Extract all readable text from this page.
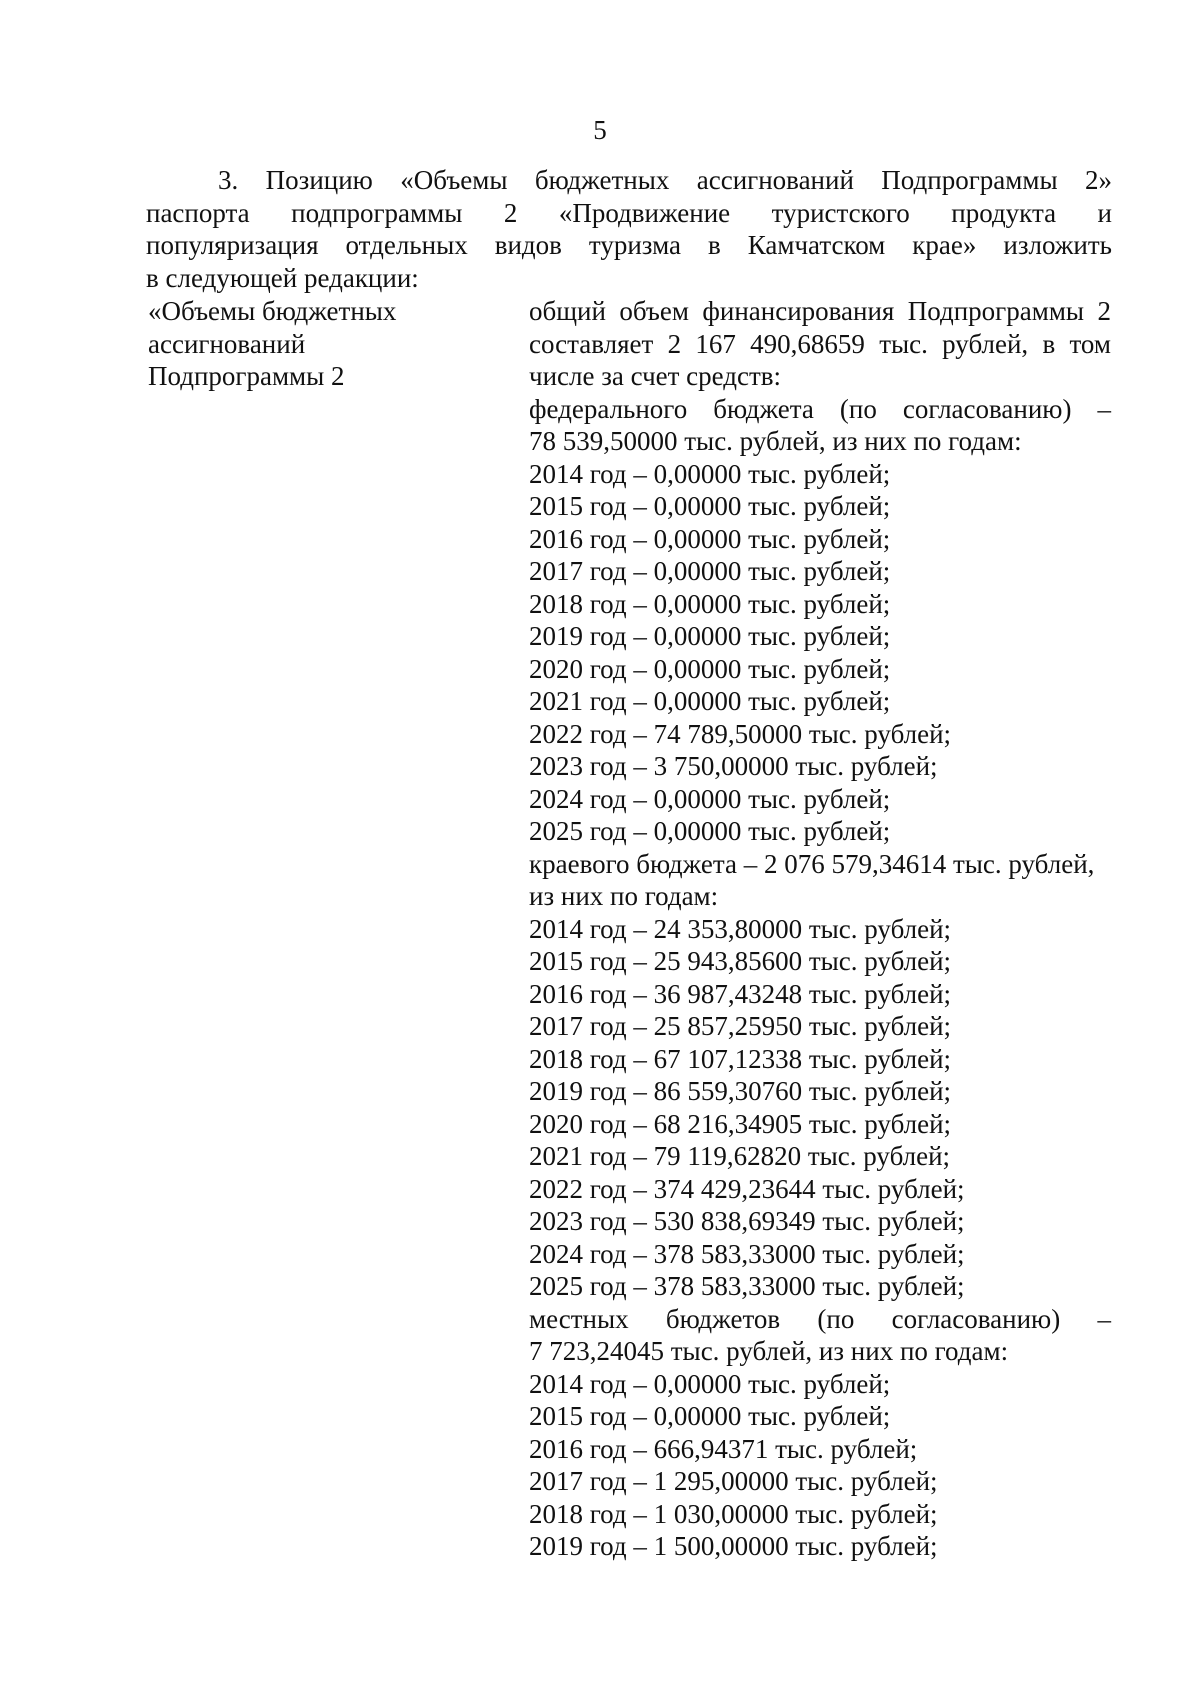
5
3. Позицию «Объемы бюджетных ассигнований Подпрограммы 2»
паспорта подпрограммы 2 «Продвижение туристского продукта и
популяризация отдельных видов туризма в Камчатском крае» изложить
в следующей редакции:
«Объемы бюджетных
ассигнований
Подпрограммы 2
общий объем финансирования Подпрограммы 2
составляет 2 167 490,68659 тыс. рублей, в том
числе за счет средств:
федерального бюджета (по согласованию) –
78 539,50000 тыс. рублей, из них по годам:
2014 год – 0,00000 тыс. рублей;
2015 год – 0,00000 тыс. рублей;
2016 год – 0,00000 тыс. рублей;
2017 год – 0,00000 тыс. рублей;
2018 год – 0,00000 тыс. рублей;
2019 год – 0,00000 тыс. рублей;
2020 год – 0,00000 тыс. рублей;
2021 год – 0,00000 тыс. рублей;
2022 год – 74 789,50000 тыс. рублей;
2023 год – 3 750,00000 тыс. рублей;
2024 год – 0,00000 тыс. рублей;
2025 год – 0,00000 тыс. рублей;
краевого бюджета – 2 076 579,34614 тыс. рублей,
из них по годам:
2014 год – 24 353,80000 тыс. рублей;
2015 год – 25 943,85600 тыс. рублей;
2016 год – 36 987,43248 тыс. рублей;
2017 год – 25 857,25950 тыс. рублей;
2018 год – 67 107,12338 тыс. рублей;
2019 год – 86 559,30760 тыс. рублей;
2020 год – 68 216,34905 тыс. рублей;
2021 год – 79 119,62820 тыс. рублей;
2022 год – 374 429,23644 тыс. рублей;
2023 год – 530 838,69349 тыс. рублей;
2024 год – 378 583,33000 тыс. рублей;
2025 год – 378 583,33000 тыс. рублей;
местных бюджетов (по согласованию) –
7 723,24045 тыс. рублей, из них по годам:
2014 год – 0,00000 тыс. рублей;
2015 год – 0,00000 тыс. рублей;
2016 год – 666,94371 тыс. рублей;
2017 год – 1 295,00000 тыс. рублей;
2018 год – 1 030,00000 тыс. рублей;
2019 год – 1 500,00000 тыс. рублей;
